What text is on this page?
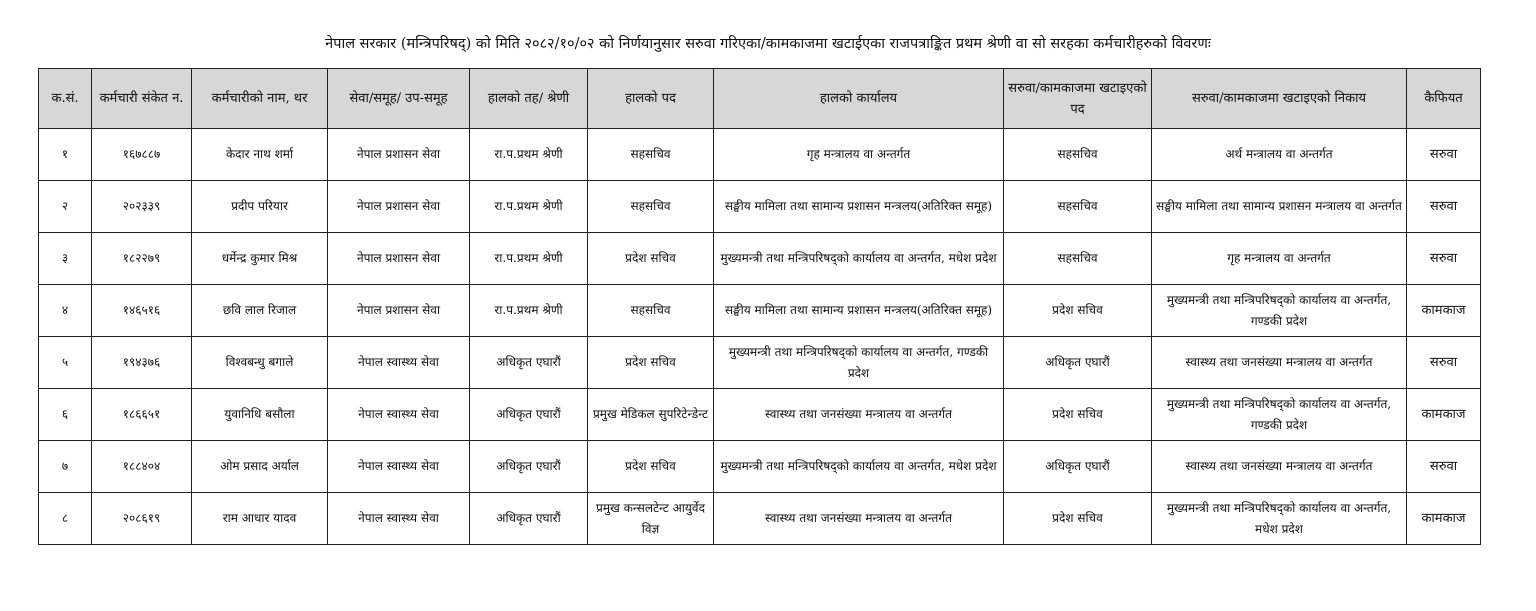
नेपाल सरकार (मन्त्रिपरिषद्) को मिति २०८२/१०/०२ को निर्णयानुसार सरुवा गरिएका/कामकाजमा खटाईएका राजपत्राङ्कित प्रथम श्रेणी वा सो सरहका कर्मचारीहरुको विवरणः
क.सं.	कर्मचारी संकेत न.	कर्मचारीको नाम, थर	सेवा/समूह/ उप-समूह	हालको तह/ श्रेणी	हालको पद	हालको कार्यालय	सरुवा/कामकाजमा खटाइएको पद	सरुवा/कामकाजमा खटाइएको निकाय	कैफियत
१	१६७८८७	केदार नाथ शर्मा	नेपाल प्रशासन सेवा	रा.प.प्रथम श्रेणी	सहसचिव	गृह मन्त्रालय वा अन्तर्गत	सहसचिव	अर्थ मन्त्रालय वा अन्तर्गत	सरुवा
२	२०२३३९	प्रदीप परियार	नेपाल प्रशासन सेवा	रा.प.प्रथम श्रेणी	सहसचिव	सङ्घीय मामिला तथा सामान्य प्रशासन मन्त्रलय(अतिरिक्त समूह)	सहसचिव	सङ्घीय मामिला तथा सामान्य प्रशासन मन्त्रालय वा अन्तर्गत	सरुवा
३	१८२२७९	धर्मेन्द्र कुमार मिश्र	नेपाल प्रशासन सेवा	रा.प.प्रथम श्रेणी	प्रदेश सचिव	मुख्यमन्त्री तथा मन्त्रिपरिषद्को कार्यालय वा अन्तर्गत, मधेश प्रदेश	सहसचिव	गृह मन्त्रालय वा अन्तर्गत	सरुवा
४	१४६५१६	छवि लाल रिजाल	नेपाल प्रशासन सेवा	रा.प.प्रथम श्रेणी	सहसचिव	सङ्घीय मामिला तथा सामान्य प्रशासन मन्त्रलय(अतिरिक्त समूह)	प्रदेश सचिव	मुख्यमन्त्री तथा मन्त्रिपरिषद्को कार्यालय वा अन्तर्गत, गण्डकी प्रदेश	कामकाज
५	१९४३७६	विश्वबन्धु बगाले	नेपाल स्वास्थ्य सेवा	अधिकृत एघारौं	प्रदेश सचिव	मुख्यमन्त्री तथा मन्त्रिपरिषद्को कार्यालय वा अन्तर्गत, गण्डकी प्रदेश	अधिकृत एघारौं	स्वास्थ्य तथा जनसंख्या मन्त्रालय वा अन्तर्गत	सरुवा
६	१८६६५१	युवानिधि बसौला	नेपाल स्वास्थ्य सेवा	अधिकृत एघारौं	प्रमुख मेडिकल सुपरिटेन्डेन्ट	स्वास्थ्य तथा जनसंख्या मन्त्रालय वा अन्तर्गत	प्रदेश सचिव	मुख्यमन्त्री तथा मन्त्रिपरिषद्को कार्यालय वा अन्तर्गत, गण्डकी प्रदेश	कामकाज
७	१८८४०४	ओम प्रसाद अर्याल	नेपाल स्वास्थ्य सेवा	अधिकृत एघारौं	प्रदेश सचिव	मुख्यमन्त्री तथा मन्त्रिपरिषद्को कार्यालय वा अन्तर्गत, मधेश प्रदेश	अधिकृत एघारौं	स्वास्थ्य तथा जनसंख्या मन्त्रालय वा अन्तर्गत	सरुवा
८	२०८६१९	राम आधार यादव	नेपाल स्वास्थ्य सेवा	अधिकृत एघारौं	प्रमुख कन्सलटेन्ट आयुर्वेद विज्ञ	स्वास्थ्य तथा जनसंख्या मन्त्रालय वा अन्तर्गत	प्रदेश सचिव	मुख्यमन्त्री तथा मन्त्रिपरिषद्को कार्यालय वा अन्तर्गत, मधेश प्रदेश	कामकाज
